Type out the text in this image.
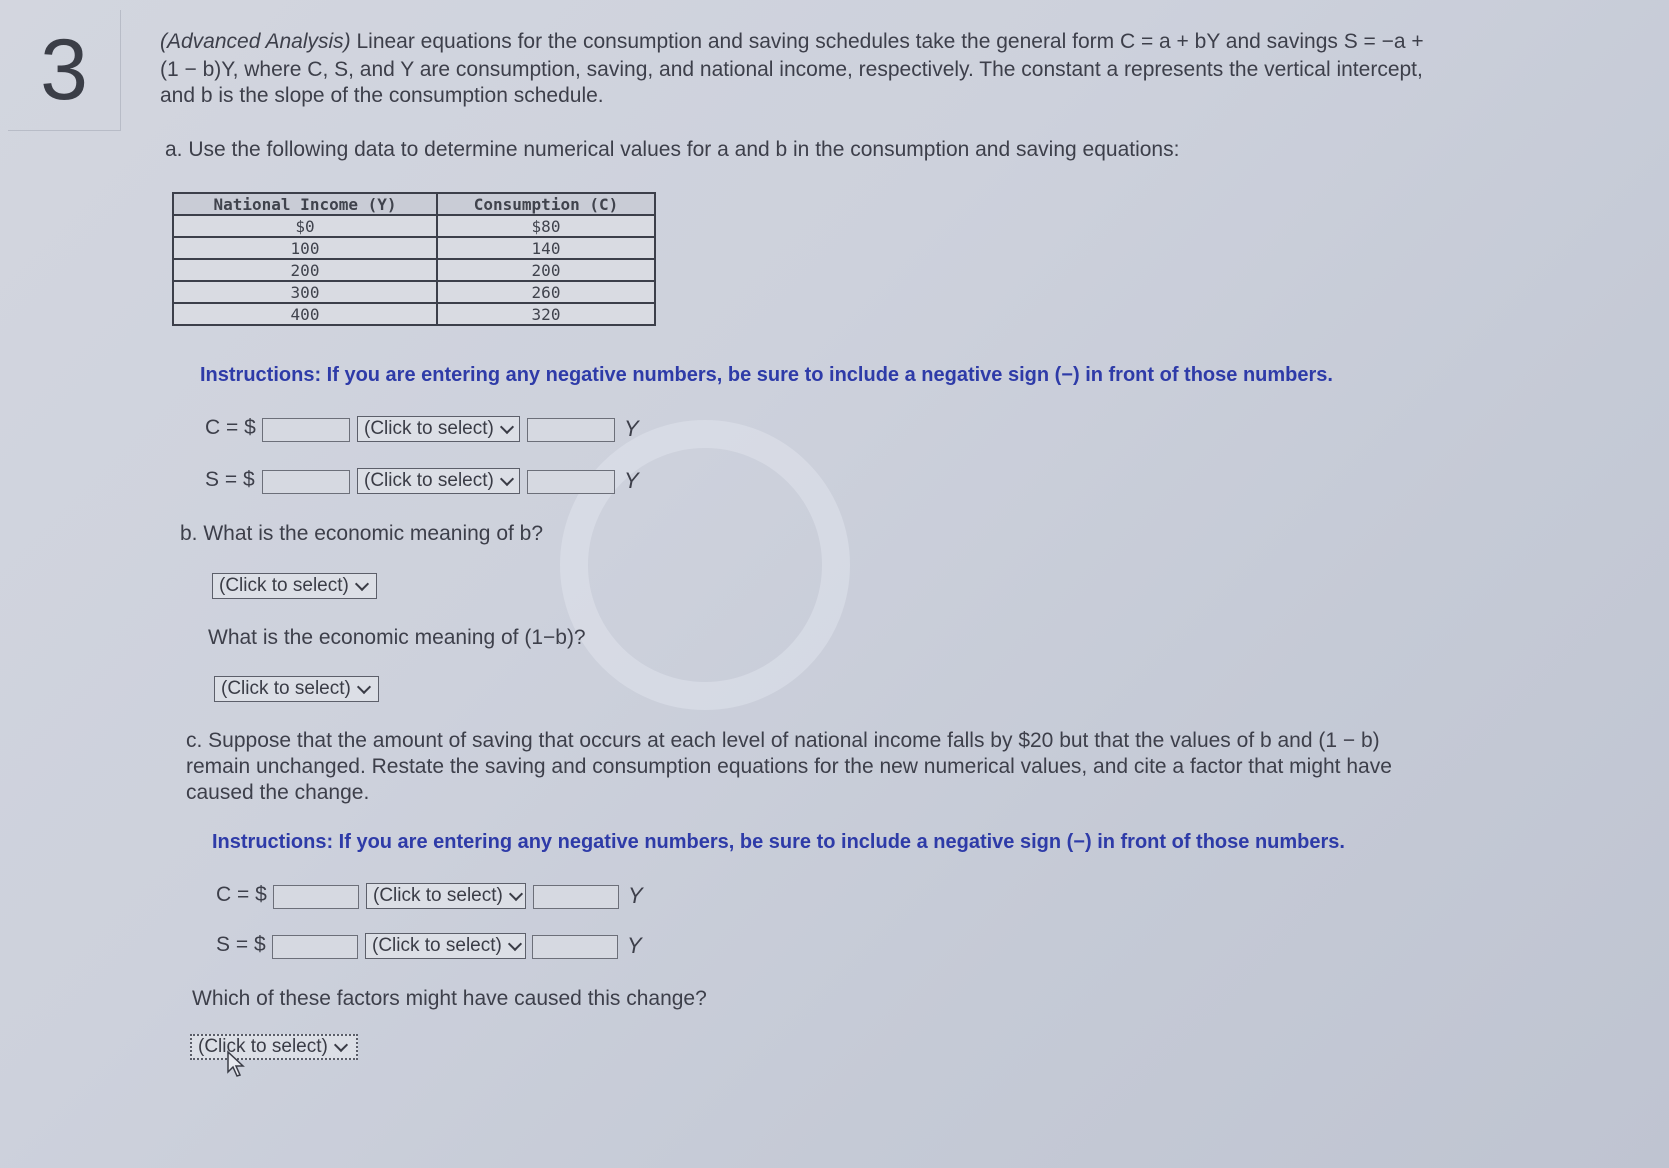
3	(Advanced Analysis) Linear equations for the consumption and saving schedules take the general form C = a + bY and savings S = −a +
(1 − b)Y, where C, S, and Y are consumption, saving, and national income, respectively. The constant a represents the vertical intercept,
and b is the slope of the consumption schedule.
a. Use the following data to determine numerical values for a and b in the consumption and saving equations:
National Income (Y)	Consumption (C)
$0	$80
100	140
200	200
300	260
400	320
Instructions: If you are entering any negative numbers, be sure to include a negative sign (−) in front of those numbers.
C = $	(Click to select)	Y
S = $	(Click to select)	Y
b. What is the economic meaning of b?
(Click to select)
What is the economic meaning of (1−b)?
(Click to select)
c. Suppose that the amount of saving that occurs at each level of national income falls by $20 but that the values of b and (1 − b)
remain unchanged. Restate the saving and consumption equations for the new numerical values, and cite a factor that might have
caused the change.
Instructions: If you are entering any negative numbers, be sure to include a negative sign (−) in front of those numbers.
C = $	(Click to select)	Y
S = $	(Click to select)	Y
Which of these factors might have caused this change?
(Click to select)
